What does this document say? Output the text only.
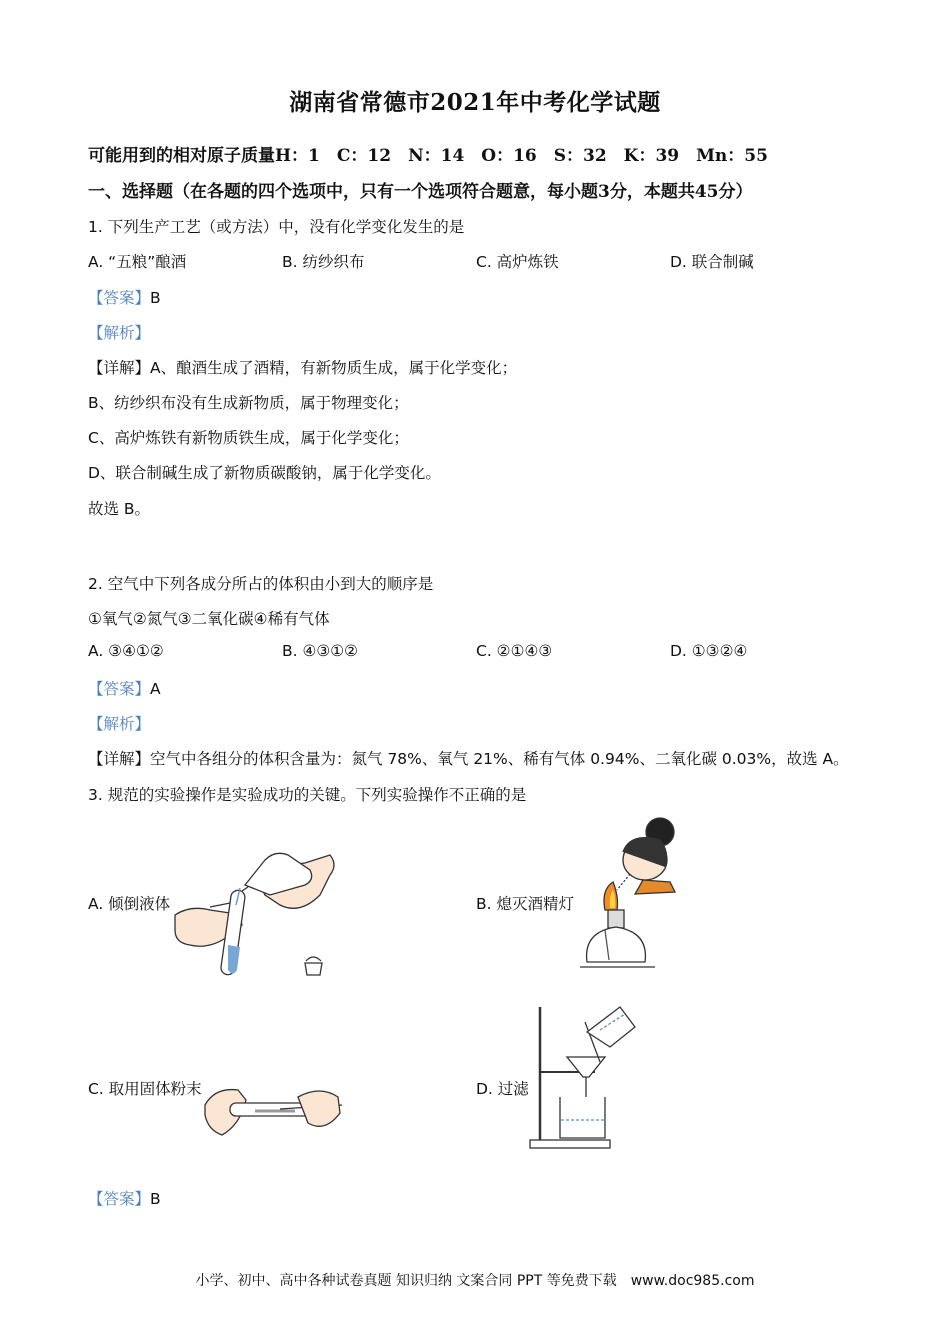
湖南省常德市2021年中考化学试题
可能用到的相对原子质量H：1　C：12　N：14　O：16　S：32　K：39　Mn：55
一、选择题（在各题的四个选项中，只有一个选项符合题意，每小题3分，本题共45分）
1. 下列生产工艺（或方法）中，没有化学变化发生的是
A. “五粮”酿酒	B. 纺纱织布	C. 高炉炼铁	D. 联合制碱
【答案】B
【解析】
【详解】A、酿酒生成了酒精，有新物质生成，属于化学变化；
B、纺纱织布没有生成新物质，属于物理变化；
C、高炉炼铁有新物质铁生成，属于化学变化；
D、联合制碱生成了新物质碳酸钠，属于化学变化。
故选 B。
2. 空气中下列各成分所占的体积由小到大的顺序是
①氧气②氮气③二氧化碳④稀有气体
A. ③④①②	B. ④③①②	C. ②①④③	D. ①③②④
【答案】A
【解析】
【详解】空气中各组分的体积含量为：氮气 78%、氧气 21%、稀有气体 0.94%、二氧化碳 0.03%，故选 A。
3. 规范的实验操作是实验成功的关键。下列实验操作不正确的是
A. 倾倒液体	B. 熄灭酒精灯
C. 取用固体粉末	D. 过滤
【答案】B
小学、初中、高中各种试卷真题 知识归纳 文案合同 PPT 等免费下载　www.doc985.com
